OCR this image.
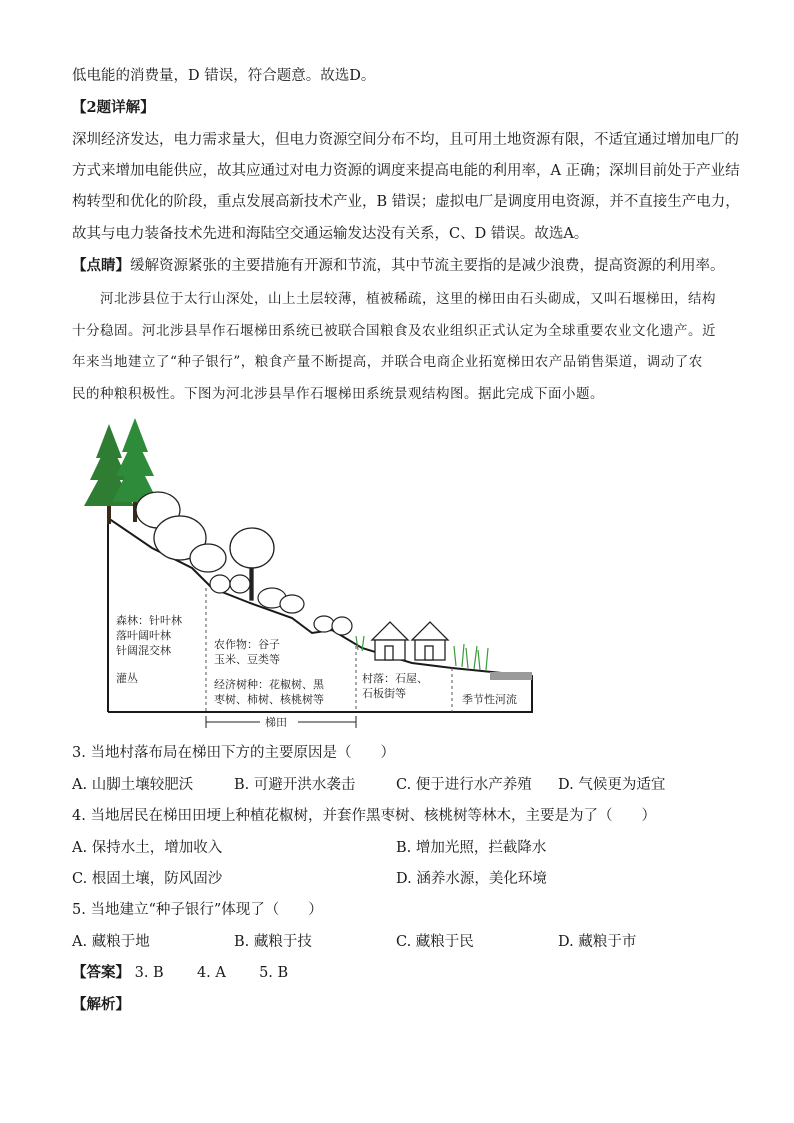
低电能的消费量，D 错误，符合题意。故选D。
【2题详解】
深圳经济发达，电力需求量大，但电力资源空间分布不均，且可用土地资源有限，不适宜通过增加电厂的
方式来增加电能供应，故其应通过对电力资源的调度来提高电能的利用率，A 正确；深圳目前处于产业结
构转型和优化的阶段，重点发展高新技术产业，B 错误；虚拟电厂是调度用电资源，并不直接生产电力，
故其与电力装备技术先进和海陆空交通运输发达没有关系，C、D 错误。故选A。
【点睛】缓解资源紧张的主要措施有开源和节流，其中节流主要指的是减少浪费，提高资源的利用率。
河北涉县位于太行山深处，山上土层较薄，植被稀疏，这里的梯田由石头砌成，又叫石堰梯田，结构
十分稳固。河北涉县旱作石堰梯田系统已被联合国粮食及农业组织正式认定为全球重要农业文化遗产。近
年来当地建立了“种子银行”，粮食产量不断提高，并联合电商企业拓宽梯田农产品销售渠道，调动了农
民的种粮积极性。下图为河北涉县旱作石堰梯田系统景观结构图。据此完成下面小题。
森林：针叶林
落叶阔叶林
针阔混交林
灌丛
农作物：谷子
玉米、豆类等
经济树种：花椒树、黑
枣树、柿树、核桃树等
村落：石屋、
石板街等	季节性河流
梯田
3. 当地村落布局在梯田下方的主要原因是（　　）
A. 山脚土壤较肥沃	B. 可避开洪水袭击	C. 便于进行水产养殖 D. 气候更为适宜
4. 当地居民在梯田田埂上种植花椒树，并套作黑枣树、核桃树等林木，主要是为了（　　）
A. 保持水土，增加收入	B. 增加光照，拦截降水
C. 根固土壤，防风固沙	D. 涵养水源，美化环境
5. 当地建立“种子银行”体现了（　　）
A. 藏粮于地	B. 藏粮于技	C. 藏粮于民	D. 藏粮于市
【答案】 3. B 4. A 5. B
【解析】
